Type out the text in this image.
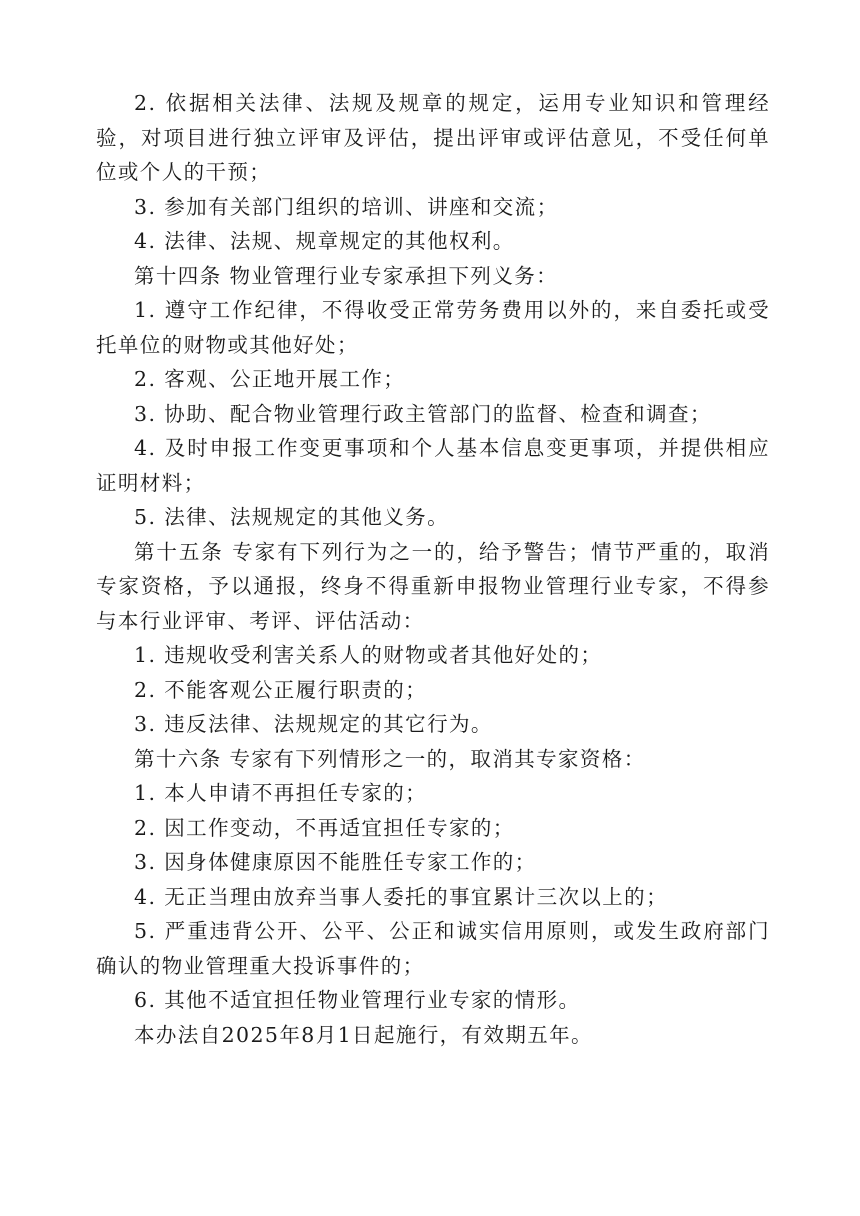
2. 依据相关法律、法规及规章的规定，运用专业知识和管理经验，对项目进行独立评审及评估，提出评审或评估意见，不受任何单位或个人的干预；

3. 参加有关部门组织的培训、讲座和交流；

4. 法律、法规、规章规定的其他权利。

第十四条 物业管理行业专家承担下列义务：

1. 遵守工作纪律，不得收受正常劳务费用以外的，来自委托或受托单位的财物或其他好处；

2. 客观、公正地开展工作；

3. 协助、配合物业管理行政主管部门的监督、检查和调查；

4. 及时申报工作变更事项和个人基本信息变更事项，并提供相应证明材料；

5. 法律、法规规定的其他义务。

第十五条 专家有下列行为之一的，给予警告；情节严重的，取消专家资格，予以通报，终身不得重新申报物业管理行业专家，不得参与本行业评审、考评、评估活动：

1. 违规收受利害关系人的财物或者其他好处的；

2. 不能客观公正履行职责的；

3. 违反法律、法规规定的其它行为。

第十六条 专家有下列情形之一的，取消其专家资格：

1. 本人申请不再担任专家的；

2. 因工作变动，不再适宜担任专家的；

3. 因身体健康原因不能胜任专家工作的；

4. 无正当理由放弃当事人委托的事宜累计三次以上的；

5. 严重违背公开、公平、公正和诚实信用原则，或发生政府部门确认的物业管理重大投诉事件的；

6. 其他不适宜担任物业管理行业专家的情形。

本办法自2025年8月1日起施行，有效期五年。
